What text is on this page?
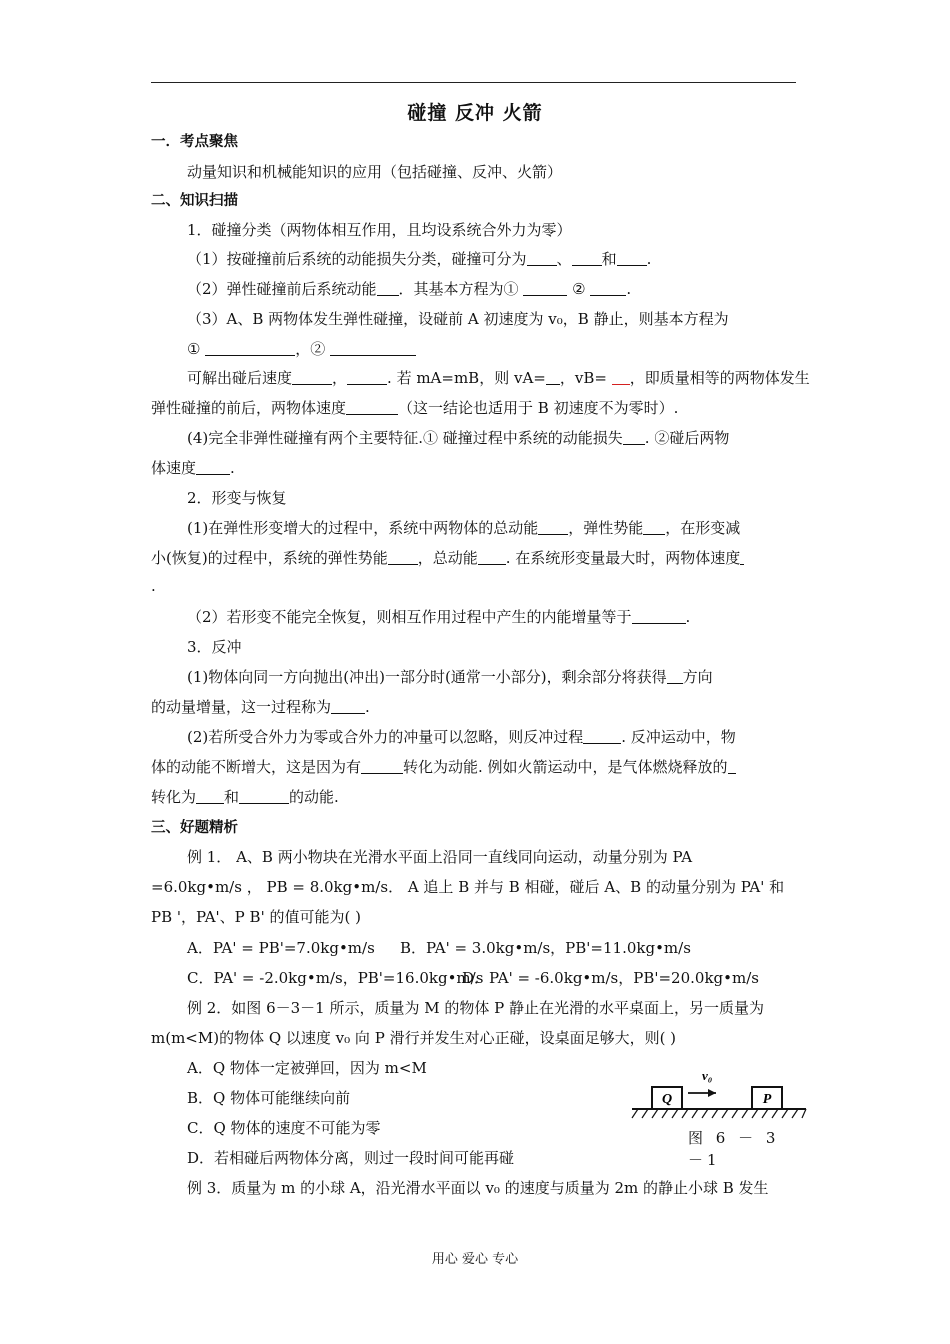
碰撞 反冲 火箭
一．考点聚焦
动量知识和机械能知识的应用（包括碰撞、反冲、火箭）
二、知识扫描
1．碰撞分类（两物体相互作用，且均设系统合外力为零）
（1）按碰撞前后系统的动能损失分类，碰撞可分为 、 和 .
（2）弹性碰撞前后系统动能 ．其基本方程为①	②	.
（3）A、B 两物体发生弹性碰撞，设碰前 A 初速度为 v₀，B 静止，则基本方程为
①	，②
可解出碰后速度	，	. 若 mA=mB，则 vA= ，vB= ，即质量相等的两物体发生
弹性碰撞的前后，两物体速度	（这一结论也适用于 B 初速度不为零时）.
(4)完全非弹性碰撞有两个主要特征.① 碰撞过程中系统的动能损失 . ②碰后两物
体速度 .
2．形变与恢复
(1)在弹性形变增大的过程中，系统中两物体的总动能 ，弹性势能 ，在形变减
小(恢复)的过程中，系统的弹性势能 ，总动能 . 在系统形变量最大时，两物体速度
.
（2）若形变不能完全恢复，则相互作用过程中产生的内能增量等于	.
3．反冲
(1)物体向同一方向抛出(冲出)一部分时(通常一小部分)，剩余部分将获得 方向
的动量增量，这一过程称为 .
(2)若所受合外力为零或合外力的冲量可以忽略，则反冲过程	. 反冲运动中，物
体的动能不断增大，这是因为有	转化为动能. 例如火箭运动中，是气体燃烧释放的
转化为 和	的动能.
三、好题精析
例 1． A、B 两小物块在光滑水平面上沿同一直线同向运动，动量分别为 PA
=6.0kg•m/s ， PB = 8.0kg•m/s． A 追上 B 并与 B 相碰，碰后 A、B 的动量分别为 PA' 和
PB '，PA'、P B' 的值可能为( )
A．PA' = PB'=7.0kg•m/s B．PA' = 3.0kg•m/s，PB'=11.0kg•m/s
C．PA' = -2.0kg•m/s，PB'=16.0kg•m/s
D．PA' = -6.0kg•m/s，PB'=20.0kg•m/s
例 2．如图 6－3－1 所示，质量为 M 的物体 P 静止在光滑的水平桌面上，另一质量为
m(m<M)的物体 Q 以速度 v₀ 向 P 滑行并发生对心正碰，设桌面足够大，则( )
A．Q 物体一定被弹回，因为 m<M
B．Q 物体可能继续向前
C．Q 物体的速度不可能为零
D．若相碰后两物体分离，则过一段时间可能再碰
Q	P
v₀
图 6 － 3
－1
例 3．质量为 m 的小球 A，沿光滑水平面以 v₀ 的速度与质量为 2m 的静止小球 B 发生
用心 爱心 专心
